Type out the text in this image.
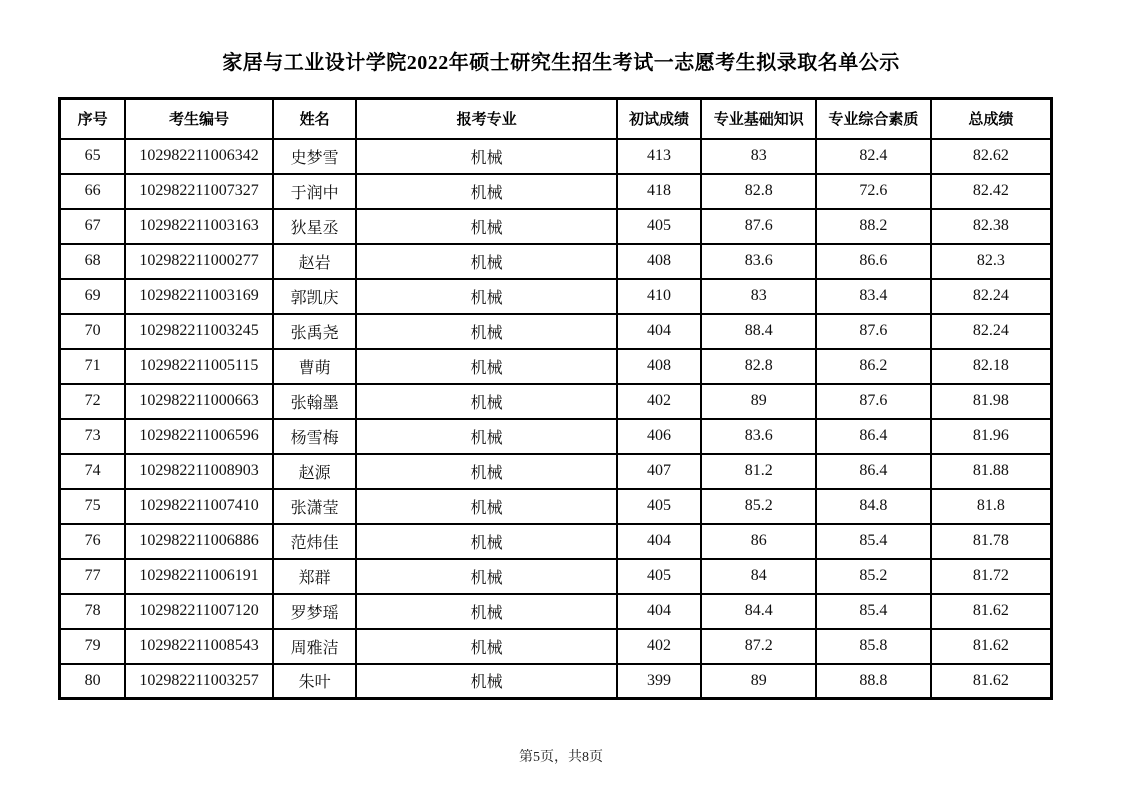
家居与工业设计学院2022年硕士研究生招生考试一志愿考生拟录取名单公示
序号	考生编号	姓名	报考专业	初试成绩	专业基础知识	专业综合素质	总成绩
65	102982211006342	史梦雪	机械	413	83	82.4	82.62
66	102982211007327	于润中	机械	418	82.8	72.6	82.42
67	102982211003163	狄星丞	机械	405	87.6	88.2	82.38
68	102982211000277	赵岩	机械	408	83.6	86.6	82.3
69	102982211003169	郭凯庆	机械	410	83	83.4	82.24
70	102982211003245	张禹尧	机械	404	88.4	87.6	82.24
71	102982211005115	曹萌	机械	408	82.8	86.2	82.18
72	102982211000663	张翰墨	机械	402	89	87.6	81.98
73	102982211006596	杨雪梅	机械	406	83.6	86.4	81.96
74	102982211008903	赵源	机械	407	81.2	86.4	81.88
75	102982211007410	张潇莹	机械	405	85.2	84.8	81.8
76	102982211006886	范炜佳	机械	404	86	85.4	81.78
77	102982211006191	郑群	机械	405	84	85.2	81.72
78	102982211007120	罗梦瑶	机械	404	84.4	85.4	81.62
79	102982211008543	周雅洁	机械	402	87.2	85.8	81.62
80	102982211003257	朱叶	机械	399	89	88.8	81.62
第5页，共8页
